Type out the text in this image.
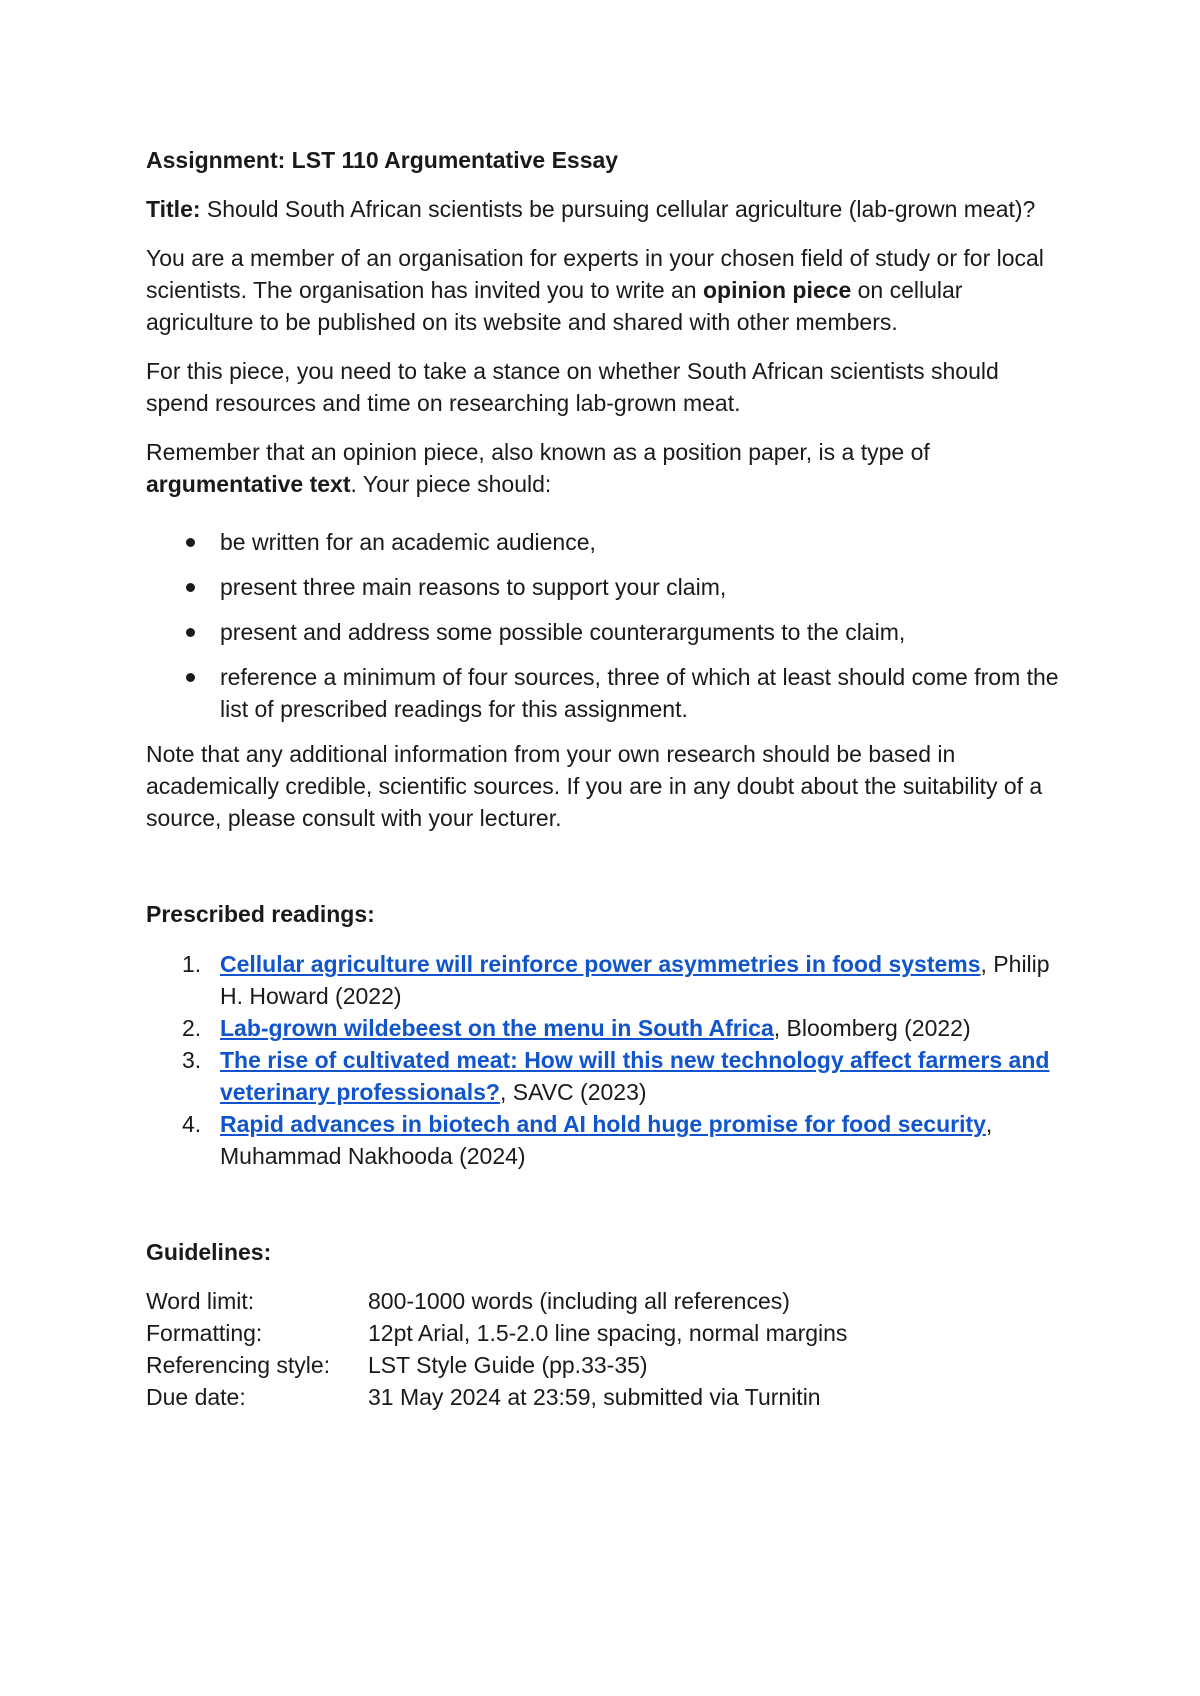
Assignment: LST 110 Argumentative Essay

Title: Should South African scientists be pursuing cellular agriculture (lab-grown meat)?

You are a member of an organisation for experts in your chosen field of study or for local scientists. The organisation has invited you to write an opinion piece on cellular agriculture to be published on its website and shared with other members.

For this piece, you need to take a stance on whether South African scientists should spend resources and time on researching lab-grown meat.

Remember that an opinion piece, also known as a position paper, is a type of argumentative text. Your piece should:

be written for an academic audience,
present three main reasons to support your claim,
present and address some possible counterarguments to the claim,
reference a minimum of four sources, three of which at least should come from the list of prescribed readings for this assignment.

Note that any additional information from your own research should be based in academically credible, scientific sources. If you are in any doubt about the suitability of a source, please consult with your lecturer.

Prescribed readings:

1. Cellular agriculture will reinforce power asymmetries in food systems, Philip H. Howard (2022)
2. Lab-grown wildebeest on the menu in South Africa, Bloomberg (2022)
3. The rise of cultivated meat: How will this new technology affect farmers and veterinary professionals?, SAVC (2023)
4. Rapid advances in biotech and AI hold huge promise for food security, Muhammad Nakhooda (2024)

Guidelines:

Word limit:	800-1000 words (including all references)
Formatting:	12pt Arial, 1.5-2.0 line spacing, normal margins
Referencing style:	LST Style Guide (pp.33-35)
Due date:	31 May 2024 at 23:59, submitted via Turnitin
